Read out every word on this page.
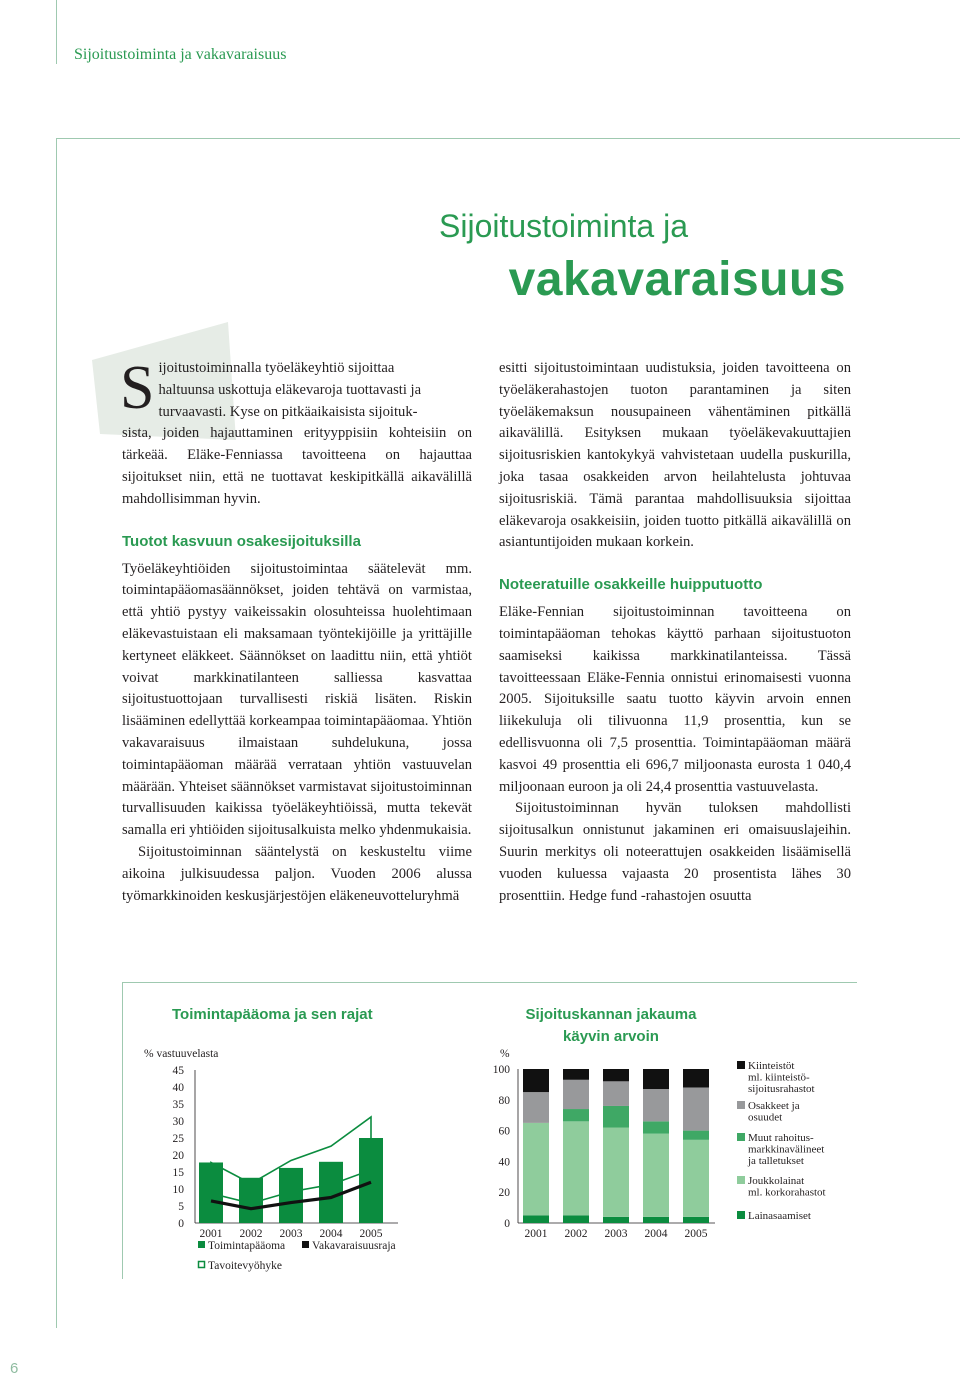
Sijoitustoiminta ja vakavaraisuus
Sijoitustoiminta ja
vakavaraisuus
S ijoitustoiminnalla työeläkeyhtiö sijoittaa
haltuunsa uskottuja eläkevaroja tuottavasti ja
turvaavasti. Kyse on pitkäaikaisista sijoituk-

sista, joiden hajauttaminen erityyppisiin kohteisiin on tärkeää. Eläke-Fenniassa tavoitteena on hajauttaa sijoitukset niin, että ne tuottavat keskipitkällä aikavälillä mahdollisimman hyvin.

Tuotot kasvuun osakesijoituksilla

Työeläkeyhtiöiden sijoitustoimintaa säätelevät mm. toimintapääomasäännökset, joiden tehtävä on varmistaa, että yhtiö pystyy vaikeissakin olosuhteissa huolehtimaan eläkevastuistaan eli maksamaan työntekijöille ja yrittäjille kertyneet eläkkeet. Säännökset on laadittu niin, että yhtiöt voivat markkinatilanteen salliessa kasvattaa sijoitustuottojaan turvallisesti riskiä lisäten. Riskin lisääminen edellyttää korkeampaa toimintapääomaa. Yhtiön vakavaraisuus ilmaistaan suhdelukuna, jossa toimintapääoman määrää verrataan yhtiön vastuuvelan määrään. Yhteiset säännökset varmistavat sijoitustoiminnan turvallisuuden kaikissa työeläkeyhtiöissä, mutta tekevät samalla eri yhtiöiden sijoitusalkuista melko yhdenmukaisia.

Sijoitustoiminnan sääntelystä on keskusteltu viime aikoina julkisuudessa paljon. Vuoden 2006 alussa työmarkkinoiden keskusjärjestöjen eläkeneuvotteluryhmä

esitti sijoitustoimintaan uudistuksia, joiden tavoitteena on työeläkerahastojen tuoton parantaminen ja siten työeläkemaksun nousupaineen vähentäminen pitkällä aikavälillä. Esityksen mukaan työeläkevakuuttajien sijoitusriskien kantokykyä vahvistetaan uudella puskurilla, joka tasaa osakkeiden arvon heilahtelusta johtuvaa sijoitusriskiä. Tämä parantaa mahdollisuuksia sijoittaa eläkevaroja osakkeisiin, joiden tuotto pitkällä aikavälillä on asiantuntijoiden mukaan korkein.

Noteeratuille osakkeille huipputuotto

Eläke-Fennian sijoitustoiminnan tavoitteena on toimintapääoman tehokas käyttö parhaan sijoitustuoton saamiseksi kaikissa markkinatilanteissa. Tässä tavoitteessaan Eläke-Fennia onnistui erinomaisesti vuonna 2005. Sijoituksille saatu tuotto käyvin arvoin ennen liikekuluja oli tilivuonna 11,9 prosenttia, kun se edellisvuonna oli 7,5 prosenttia. Toimintapääoman määrä kasvoi 49 prosenttia eli 696,7 miljoonasta eurosta 1 040,4 miljoonaan euroon ja oli 24,4 prosenttia vastuuvelasta.

Sijoitustoiminnan hyvän tuloksen mahdollisti sijoitusalkun onnistunut jakaminen eri omaisuuslajeihin. Suurin merkitys oli noteerattujen osakkeiden lisäämisellä vuoden kuluessa vajaasta 20 prosentista lähes 30 prosenttiin. Hedge fund -rahastojen osuutta

Toimintapääoma ja sen rajat
% vastuuvelasta
45
40
35
30
25
20
15
10
5
0
2001 2002 2003 2004 2005
Toimintapääoma Vakavaraisuusraja
Tavoitevyöhyke
Sijoituskannan jakauma
käyvin arvoin
%
100
80
60
40
20
0
2001 2002 2003 2004 2005
Kiinteistöt
ml. kiinteistö-
sijoitusrahastot
Osakkeet ja
osuudet
Muut rahoitus-
markkinavälineet
ja talletukset
Joukkolainat
ml. korkorahastot
Lainasaamiset
6
